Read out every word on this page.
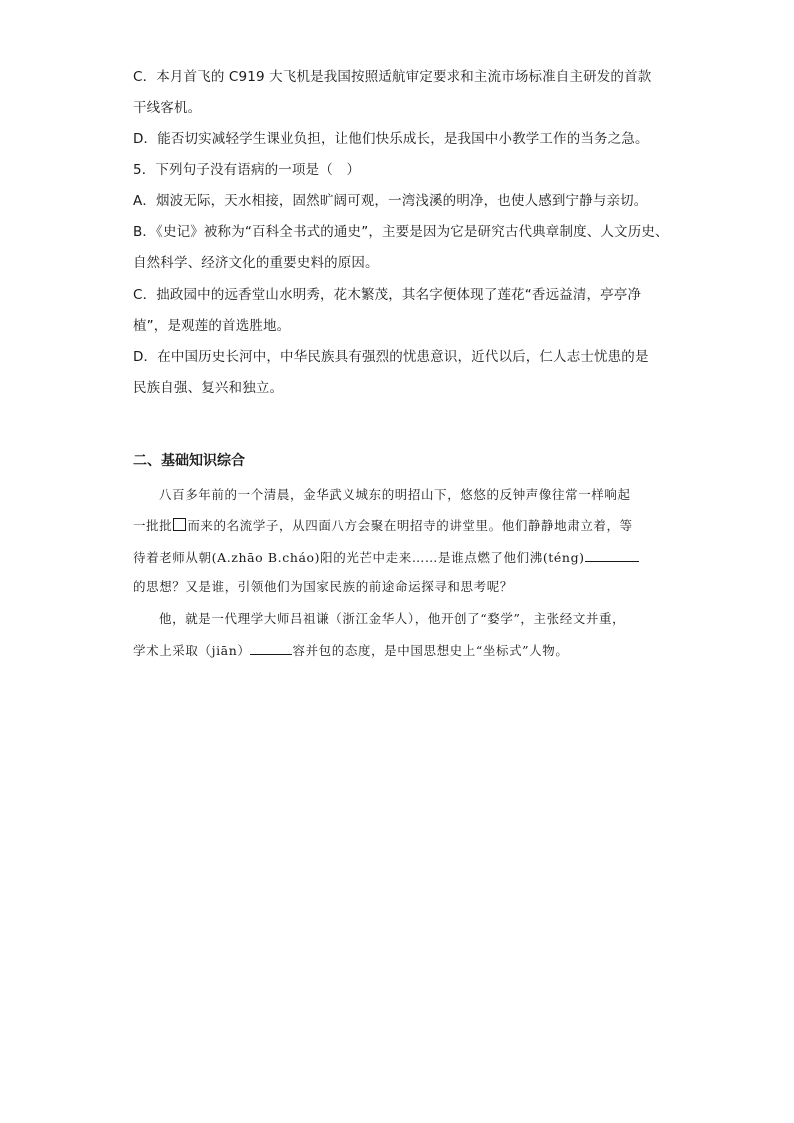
C．本月首飞的 C919 大飞机是我国按照适航审定要求和主流市场标准自主研发的首款
干线客机。
D．能否切实减轻学生课业负担，让他们快乐成长，是我国中小教学工作的当务之急。
5．下列句子没有语病的一项是（　）
A．烟波无际，天水相接，固然旷阔可观，一湾浅溪的明净，也使人感到宁静与亲切。
B．《史记》被称为“百科全书式的通史”，主要是因为它是研究古代典章制度、人文历史、
自然科学、经济文化的重要史料的原因。
C．拙政园中的远香堂山水明秀，花木繁茂，其名字便体现了莲花“香远益清，亭亭净
植”，是观莲的首选胜地。
D．在中国历史长河中，中华民族具有强烈的忧患意识，近代以后，仁人志士忧患的是
民族自强、复兴和独立。
二、基础知识综合
八百多年前的一个清晨，金华武义城东的明招山下，悠悠的反钟声像往常一样响起
一批批 而来的名流学子，从四面八方会聚在明招寺的讲堂里。他们静静地肃立着，等
待着老师从朝(A.zhāo B.cháo)阳的光芒中走来……是谁点燃了他们沸(téng)
的思想？又是谁，引领他们为国家民族的前途命运探寻和思考呢？
他，就是一代理学大师吕祖谦（浙江金华人），他开创了“婺学”，主张经文并重，
学术上采取（jiān）	容并包的态度，是中国思想史上“坐标式”人物。
